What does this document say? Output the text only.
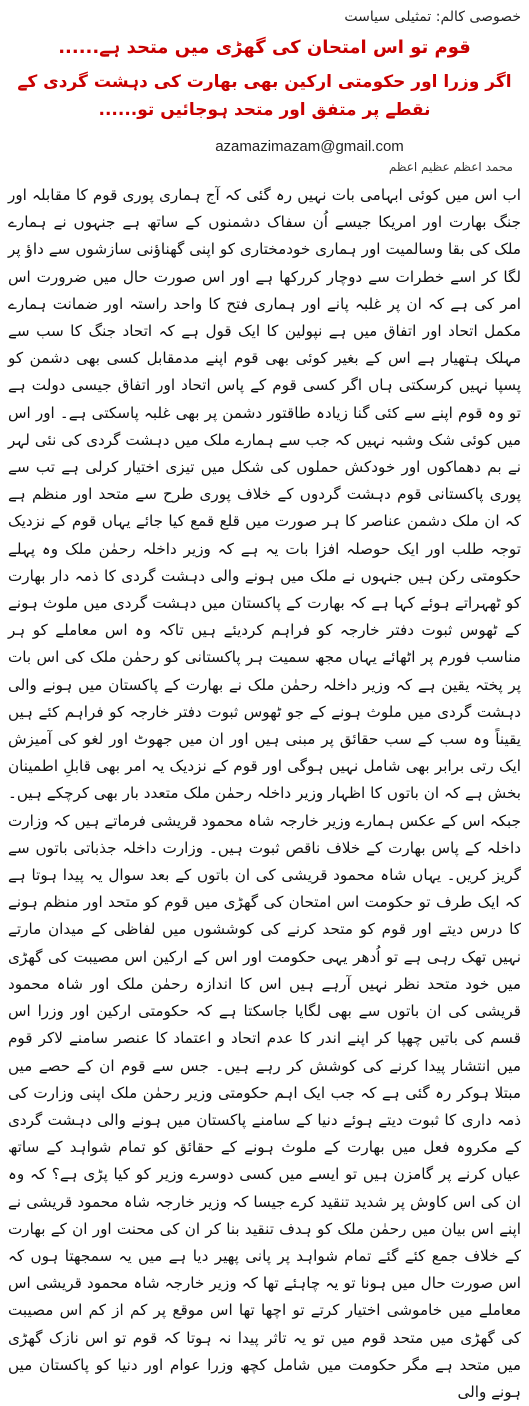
خصوصی کالم: تمثیلی سیاست
قوم تو اس امتحان کی گھڑی میں متحد ہے......
اگر وزرا اور حکومتی ارکین بھی بھارت کی دہشت گردی کے نقطے پر متفق اور متحد ہوجائیں تو......
azamazimazam@gmail.com
محمد اعظم عظیم اعظم
اب اس میں کوئی ابہامی بات نہیں رہ گئی کہ آج ہماری پوری قوم کا مقابلہ اور جنگ بھارت اور امریکا جیسے اُن سفاک دشمنوں کے ساتھ ہے جنہوں نے ہمارے ملک کی بقا وسالمیت اور ہماری خودمختاری کو اپنی گھناؤنی سازشوں سے داؤ پر لگا کر اسے خطرات سے دوچار کررکھا ہے اور اس صورت حال میں ضرورت اس امر کی ہے کہ ان پر غلبہ پانے اور ہماری فتح کا واحد راستہ اور ضمانت ہمارے مکمل اتحاد اور اتفاق میں ہے نپولین کا ایک قول ہے کہ اتحاد جنگ کا سب سے مہلک ہتھیار ہے اس کے بغیر کوئی بھی قوم اپنے مدمقابل کسی بھی دشمن کو پسپا نہیں کرسکتی ہاں اگر کسی قوم کے پاس اتحاد اور اتفاق جیسی دولت ہے تو وہ قوم اپنے سے کئی گنا زیادہ طاقتور دشمن پر بھی غلبہ پاسکتی ہے۔ اور اس میں کوئی شک وشبہ نہیں کہ جب سے ہمارے ملک میں دہشت گردی کی نئی لہر نے بم دھماکوں اور خودکش حملوں کی شکل میں تیزی اختیار کرلی ہے تب سے پوری پاکستانی قوم دہشت گردوں کے خلاف پوری طرح سے متحد اور منظم ہے کہ ان ملک دشمن عناصر کا ہر صورت میں قلع قمع کیا جائے یہاں قوم کے نزدیک توجہ طلب اور ایک حوصلہ افزا بات یہ ہے کہ وزیر داخلہ رحمٰن ملک وہ پہلے حکومتی رکن ہیں جنہوں نے ملک میں ہونے والی دہشت گردی کا ذمہ دار بھارت کو ٹھہراتے ہوئے کہا ہے کہ بھارت کے پاکستان میں دہشت گردی میں ملوث ہونے کے ٹھوس ثبوت دفتر خارجہ کو فراہم کردیئے ہیں تاکہ وہ اس معاملے کو ہر مناسب فورم پر اٹھائے یہاں مجھ سمیت ہر پاکستانی کو رحمٰن ملک کی اس بات پر پختہ یقین ہے کہ وزیر داخلہ رحمٰن ملک نے بھارت کے پاکستان میں ہونے والی دہشت گردی میں ملوث ہونے کے جو ٹھوس ثبوت دفتر خارجہ کو فراہم کئے ہیں یقیناً وہ سب کے سب حقائق پر مبنی ہیں اور ان میں جھوٹ اور لغو کی آمیزش ایک رتی برابر بھی شامل نہیں ہوگی اور قوم کے نزدیک یہ امر بھی قابلِ اطمینان بخش ہے کہ ان باتوں کا اظہار وزیر داخلہ رحمٰن ملک متعدد بار بھی کرچکے ہیں۔ جبکہ اس کے عکس ہمارے وزیر خارجہ شاہ محمود قریشی فرماتے ہیں کہ وزارت داخلہ کے پاس بھارت کے خلاف ناقص ثبوت ہیں۔ وزارت داخلہ جذباتی باتوں سے گریز کریں۔ یہاں شاہ محمود قریشی کی ان باتوں کے بعد سوال یہ پیدا ہوتا ہے کہ ایک طرف تو حکومت اس امتحان کی گھڑی میں قوم کو متحد اور منظم ہونے کا درس دیتے اور قوم کو متحد کرنے کی کوششوں میں لفاظی کے میدان مارتے نہیں تھک رہی ہے تو اُدھر یہی حکومت اور اس کے ارکین اس مصیبت کی گھڑی میں خود متحد نظر نہیں آرہے ہیں اس کا اندازہ رحمٰن ملک اور شاہ محمود قریشی کی ان باتوں سے بھی لگایا جاسکتا ہے کہ حکومتی ارکین اور وزرا اس قسم کی باتیں چھپا کر اپنے اندر کا عدم اتحاد و اعتماد کا عنصر سامنے لاکر قوم میں انتشار پیدا کرنے کی کوشش کر رہے ہیں۔ جس سے قوم ان کے حصے میں مبتلا ہوکر رہ گئی ہے کہ جب ایک اہم حکومتی وزیر رحمٰن ملک اپنی وزارت کی ذمہ داری کا ثبوت دیتے ہوئے دنیا کے سامنے پاکستان میں ہونے والی دہشت گردی کے مکروہ فعل میں بھارت کے ملوث ہونے کے حقائق کو تمام شواہد کے ساتھ عیاں کرنے پر گامزن ہیں تو ایسے میں کسی دوسرے وزیر کو کیا پڑی ہے؟ کہ وہ ان کی اس کاوش پر شدید تنقید کرے جیسا کہ وزیر خارجہ شاہ محمود قریشی نے اپنے اس بیان میں رحمٰن ملک کو ہدف تنقید بنا کر ان کی محنت اور ان کے بھارت کے خلاف جمع کئے گئے تمام شواہد پر پانی پھیر دیا ہے میں یہ سمجھتا ہوں کہ اس صورت حال میں ہونا تو یہ چاہئے تھا کہ وزیر خارجہ شاہ محمود قریشی اس معاملے میں خاموشی اختیار کرتے تو اچھا تھا اس موقع پر کم از کم اس مصیبت کی گھڑی میں متحد قوم میں تو یہ تاثر پیدا نہ ہوتا کہ قوم تو اس نازک گھڑی میں متحد ہے مگر حکومت میں شامل کچھ وزرا عوام اور دنیا کو پاکستان میں ہونے والی
